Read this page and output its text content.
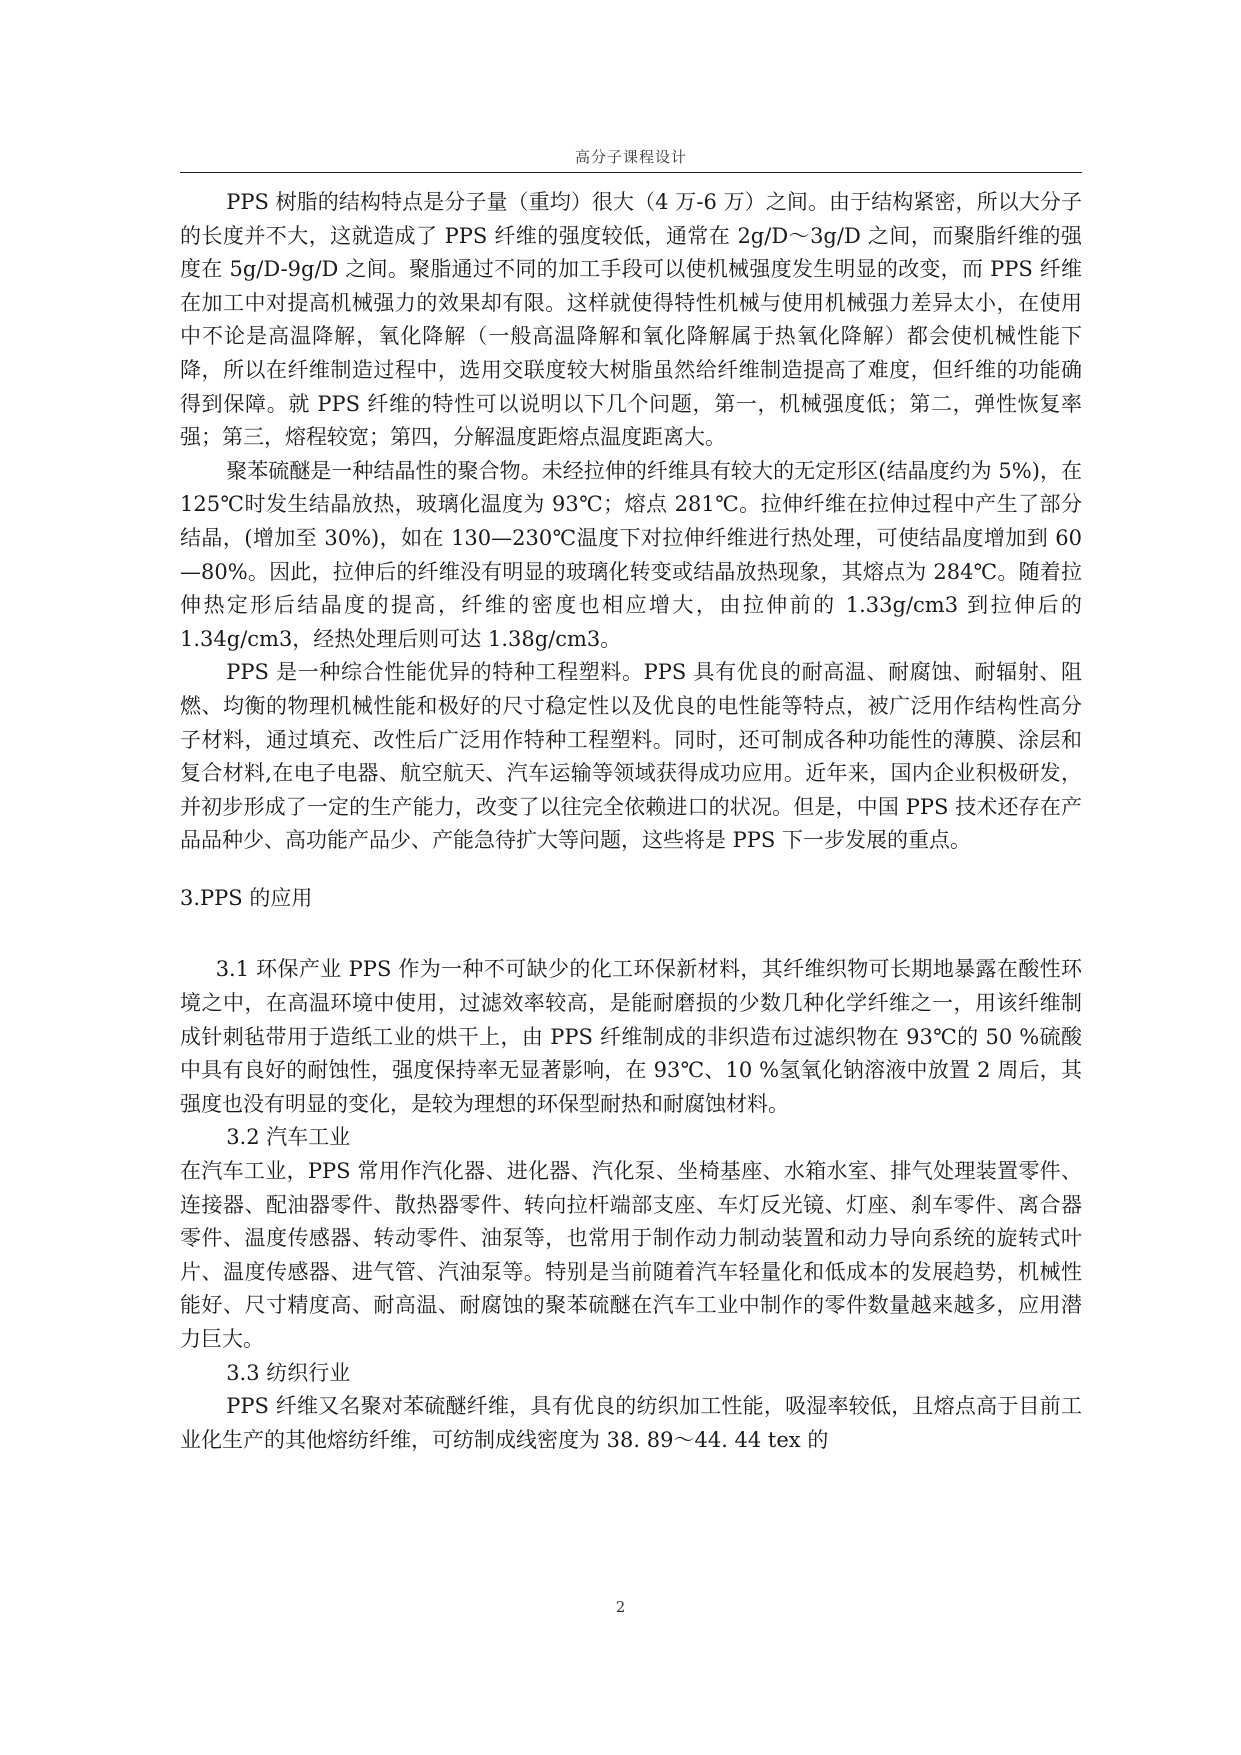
高分子课程设计

PPS 树脂的结构特点是分子量（重均）很大（4 万-6 万）之间。由于结构紧密，所以大分子的长度并不大，这就造成了 PPS 纤维的强度较低，通常在 2g/D～3g/D 之间，而聚脂纤维的强度在 5g/D-9g/D 之间。聚脂通过不同的加工手段可以使机械强度发生明显的改变，而 PPS 纤维在加工中对提高机械强力的效果却有限。这样就使得特性机械与使用机械强力差异太小，在使用中不论是高温降解，氧化降解（一般高温降解和氧化降解属于热氧化降解）都会使机械性能下降，所以在纤维制造过程中，选用交联度较大树脂虽然给纤维制造提高了难度，但纤维的功能确得到保障。就 PPS 纤维的特性可以说明以下几个问题，第一，机械强度低；第二，弹性恢复率强；第三，熔程较宽；第四，分解温度距熔点温度距离大。

聚苯硫醚是一种结晶性的聚合物。未经拉伸的纤维具有较大的无定形区(结晶度约为 5%)，在 125℃时发生结晶放热，玻璃化温度为 93℃；熔点 281℃。拉伸纤维在拉伸过程中产生了部分结晶，(增加至 30%)，如在 130—230℃温度下对拉伸纤维进行热处理，可使结晶度增加到 60—80%。因此，拉伸后的纤维没有明显的玻璃化转变或结晶放热现象，其熔点为 284℃。随着拉伸热定形后结晶度的提高，纤维的密度也相应增大，由拉伸前的 1.33g/cm3 到拉伸后的 1.34g/cm3，经热处理后则可达 1.38g/cm3。

PPS 是一种综合性能优异的特种工程塑料。PPS 具有优良的耐高温、耐腐蚀、耐辐射、阻燃、均衡的物理机械性能和极好的尺寸稳定性以及优良的电性能等特点，被广泛用作结构性高分子材料，通过填充、改性后广泛用作特种工程塑料。同时，还可制成各种功能性的薄膜、涂层和复合材料,在电子电器、航空航天、汽车运输等领域获得成功应用。近年来，国内企业积极研发，并初步形成了一定的生产能力，改变了以往完全依赖进口的状况。但是，中国 PPS 技术还存在产品品种少、高功能产品少、产能急待扩大等问题，这些将是 PPS 下一步发展的重点。

3.PPS 的应用

3.1 环保产业 PPS 作为一种不可缺少的化工环保新材料，其纤维织物可长期地暴露在酸性环境之中，在高温环境中使用，过滤效率较高，是能耐磨损的少数几种化学纤维之一，用该纤维制成针刺毡带用于造纸工业的烘干上，由 PPS 纤维制成的非织造布过滤织物在 93℃的 50 %硫酸中具有良好的耐蚀性，强度保持率无显著影响，在 93℃、10 %氢氧化钠溶液中放置 2 周后，其强度也没有明显的变化，是较为理想的环保型耐热和耐腐蚀材料。

3.2 汽车工业

在汽车工业，PPS 常用作汽化器、进化器、汽化泵、坐椅基座、水箱水室、排气处理装置零件、连接器、配油器零件、散热器零件、转向拉杆端部支座、车灯反光镜、灯座、刹车零件、离合器零件、温度传感器、转动零件、油泵等，也常用于制作动力制动装置和动力导向系统的旋转式叶片、温度传感器、进气管、汽油泵等。特别是当前随着汽车轻量化和低成本的发展趋势，机械性能好、尺寸精度高、耐高温、耐腐蚀的聚苯硫醚在汽车工业中制作的零件数量越来越多，应用潜力巨大。

3.3 纺织行业

PPS 纤维又名聚对苯硫醚纤维，具有优良的纺织加工性能，吸湿率较低，且熔点高于目前工业化生产的其他熔纺纤维，可纺制成线密度为 38. 89～44. 44 tex 的

2
